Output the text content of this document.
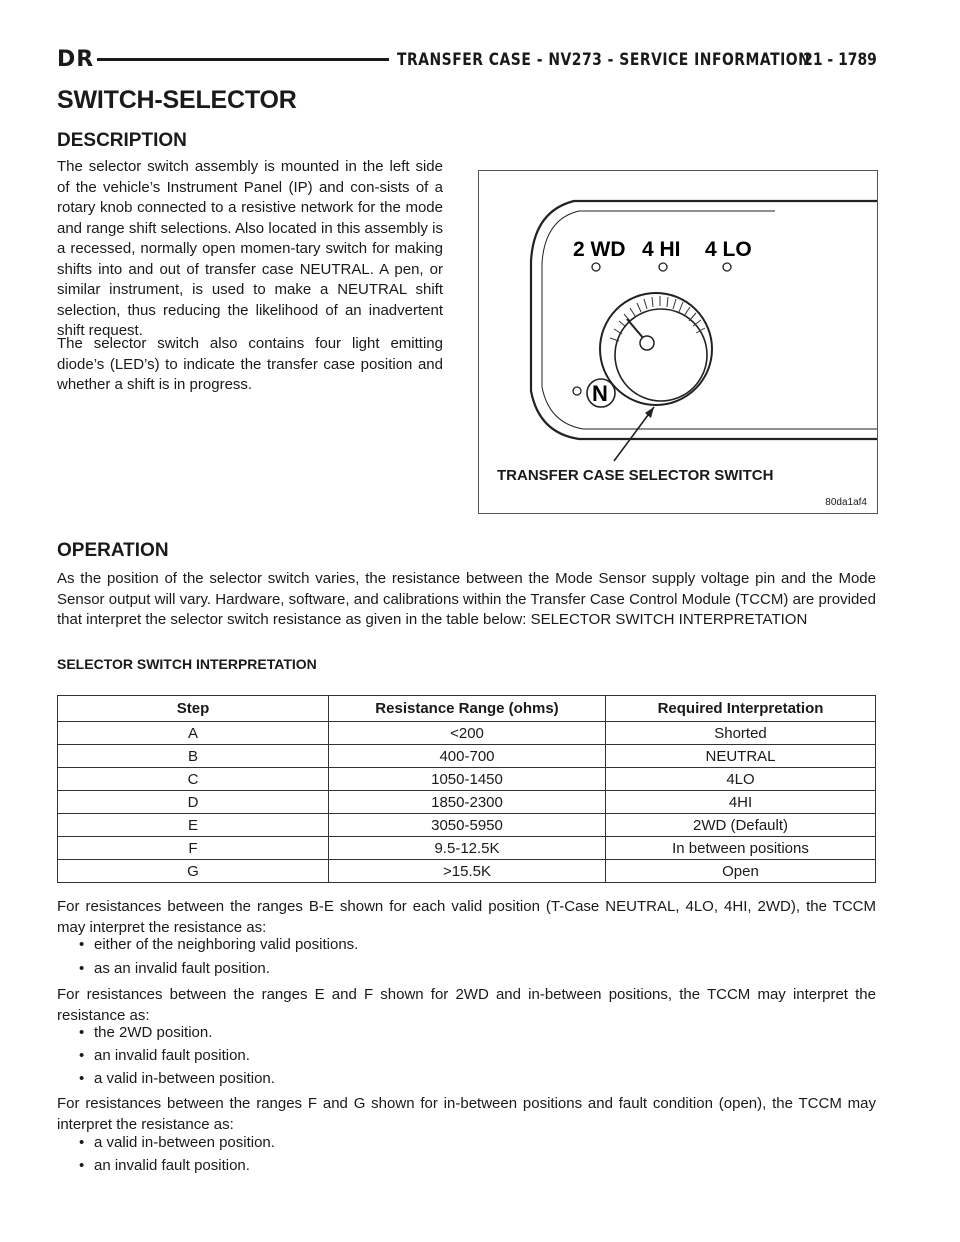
DR	TRANSFER CASE - NV273 - SERVICE INFORMATION
21 - 1789
SWITCH-SELECTOR
DESCRIPTION

The selector switch assembly is mounted in the left side of the vehicle’s Instrument Panel (IP) and con-sists of a rotary knob connected to a resistive network for the mode and range shift selections. Also located in this assembly is a recessed, normally open momen-tary switch for making shifts into and out of transfer case NEUTRAL. A pen, or similar instrument, is used to make a NEUTRAL shift selection, thus reducing the likelihood of an inadvertent shift request.

The selector switch also contains four light emitting diode’s (LED’s) to indicate the transfer case position and whether a shift is in progress.

2 WD 4 HI 4 LO
N
TRANSFER CASE SELECTOR SWITCH
80da1af4
OPERATION

As the position of the selector switch varies, the resistance between the Mode Sensor supply voltage pin and the Mode Sensor output will vary. Hardware, software, and calibrations within the Transfer Case Control Module (TCCM) are provided that interpret the selector switch resistance as given in the table below: SELECTOR SWITCH INTERPRETATION

SELECTOR SWITCH INTERPRETATION
Step	Resistance Range (ohms)	Required Interpretation
A	<200	Shorted
B	400-700	NEUTRAL
C	1050-1450	4LO
D	1850-2300	4HI
E	3050-5950	2WD (Default)
F	9.5-12.5K	In between positions
G	>15.5K	Open

For resistances between the ranges B-E shown for each valid position (T-Case NEUTRAL, 4LO, 4HI, 2WD), the TCCM may interpret the resistance as:

• either of the neighboring valid positions.

• as an invalid fault position.

For resistances between the ranges E and F shown for 2WD and in-between positions, the TCCM may interpret the resistance as:

• the 2WD position.

• an invalid fault position.

• a valid in-between position.

For resistances between the ranges F and G shown for in-between positions and fault condition (open), the TCCM may interpret the resistance as:

• a valid in-between position.

• an invalid fault position.
